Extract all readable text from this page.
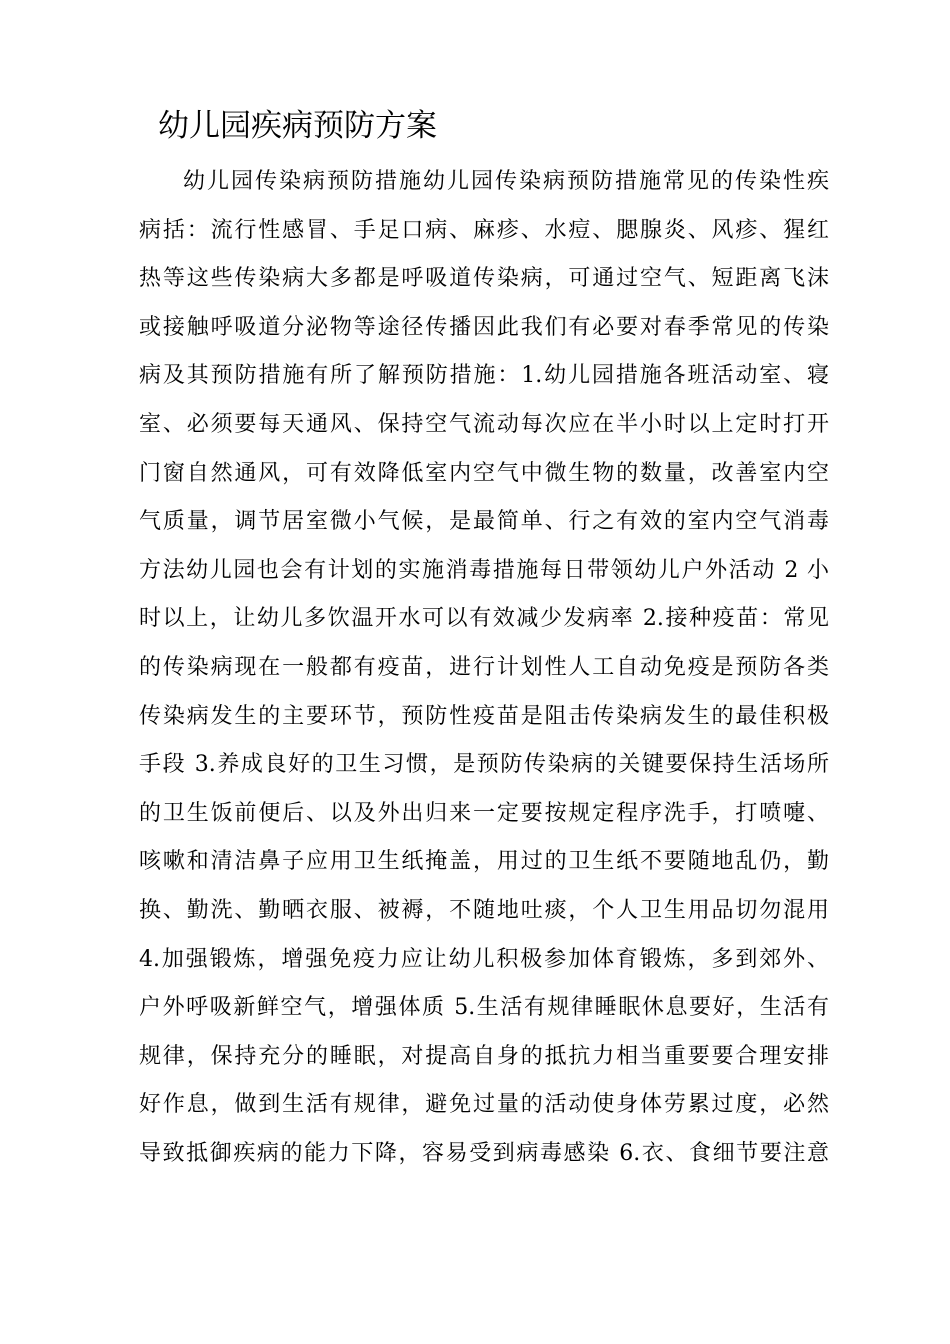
幼儿园疾病预防方案
幼儿园传染病预防措施幼儿园传染病预防措施常见的传染性疾
病括：流行性感冒、手足口病、麻疹、水痘、腮腺炎、风疹、猩红
热等这些传染病大多都是呼吸道传染病，可通过空气、短距离飞沫
或接触呼吸道分泌物等途径传播因此我们有必要对春季常见的传染
病及其预防措施有所了解预防措施：1.幼儿园措施各班活动室、寝
室、必须要每天通风、保持空气流动每次应在半小时以上定时打开
门窗自然通风，可有效降低室内空气中微生物的数量，改善室内空
气质量，调节居室微小气候，是最简单、行之有效的室内空气消毒
方法幼儿园也会有计划的实施消毒措施每日带领幼儿户外活动 2 小
时以上，让幼儿多饮温开水可以有效减少发病率 2.接种疫苗：常见
的传染病现在一般都有疫苗，进行计划性人工自动免疫是预防各类
传染病发生的主要环节，预防性疫苗是阻击传染病发生的最佳积极
手段 3.养成良好的卫生习惯，是预防传染病的关键要保持生活场所
的卫生饭前便后、以及外出归来一定要按规定程序洗手，打喷嚏、
咳嗽和清洁鼻子应用卫生纸掩盖，用过的卫生纸不要随地乱仍，勤
换、勤洗、勤晒衣服、被褥，不随地吐痰，个人卫生用品切勿混用
4.加强锻炼，增强免疫力应让幼儿积极参加体育锻炼，多到郊外、
户外呼吸新鲜空气，增强体质 5.生活有规律睡眠休息要好，生活有
规律，保持充分的睡眠，对提高自身的抵抗力相当重要要合理安排
好作息，做到生活有规律，避免过量的活动使身体劳累过度，必然
导致抵御疾病的能力下降，容易受到病毒感染 6.衣、食细节要注意
